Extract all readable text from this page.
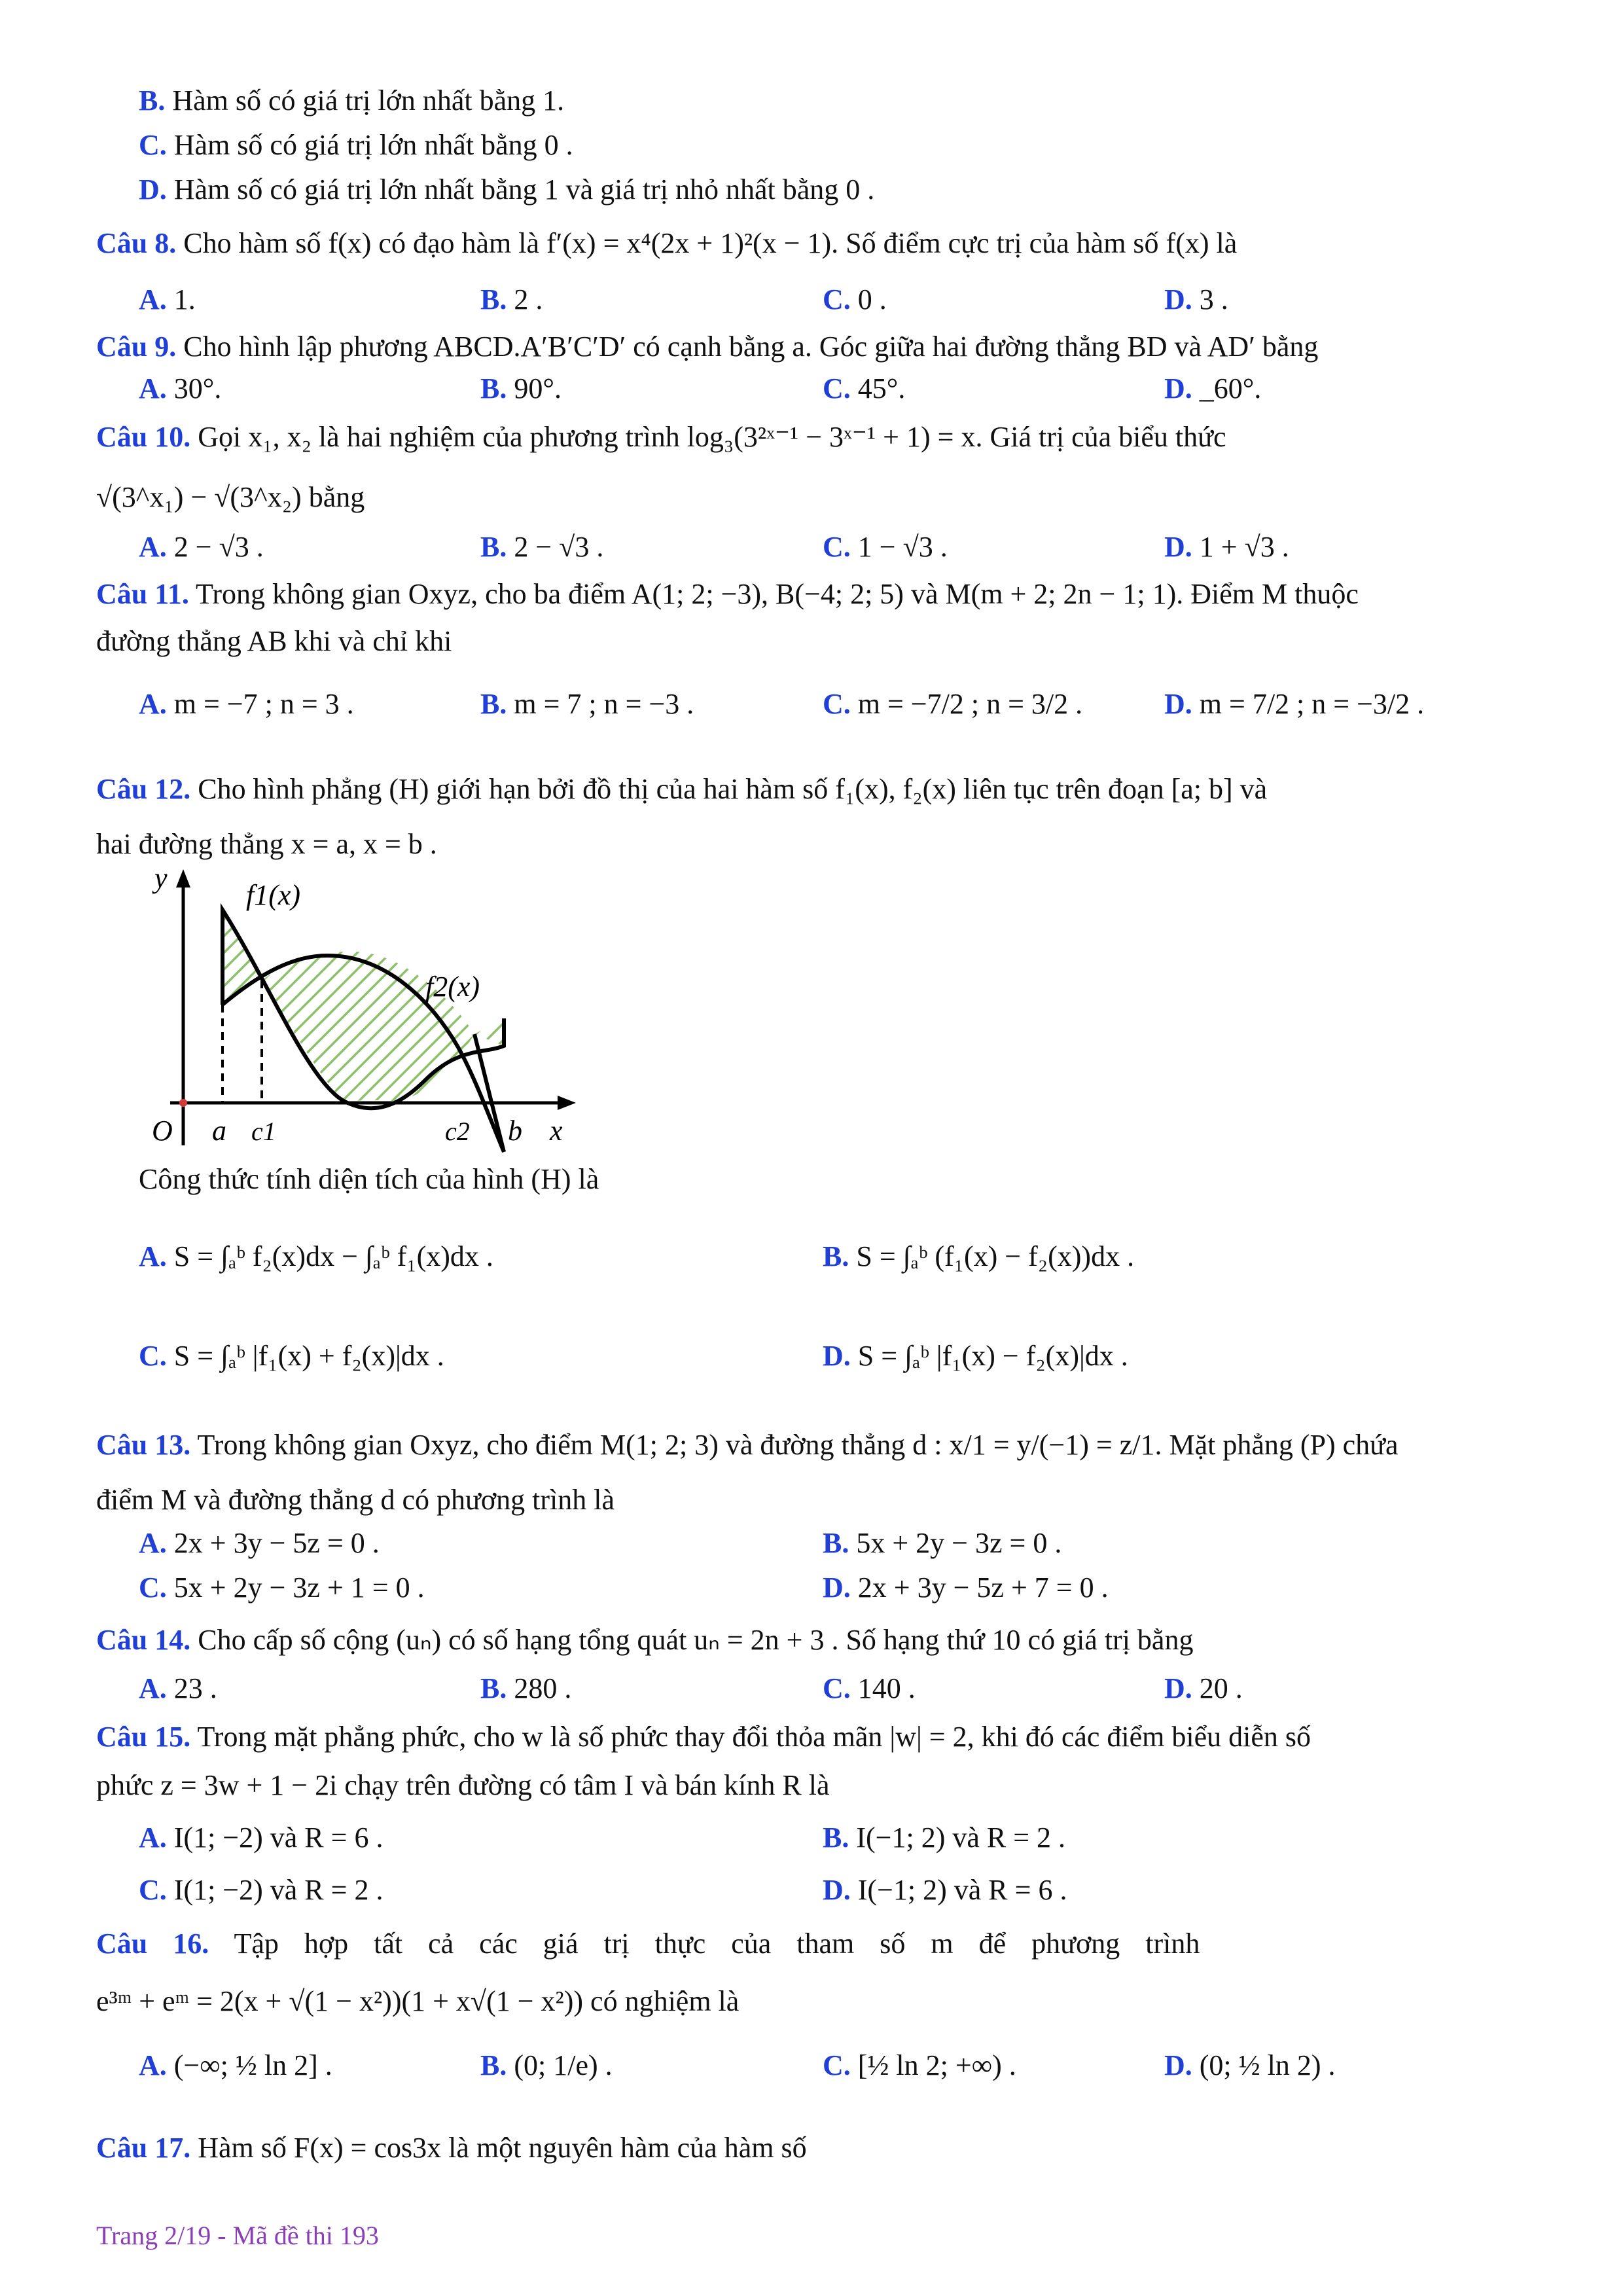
B. Hàm số có giá trị lớn nhất bằng 1.
C. Hàm số có giá trị lớn nhất bằng 0 .
D. Hàm số có giá trị lớn nhất bằng 1 và giá trị nhỏ nhất bằng 0 .
Câu 8. Cho hàm số f(x) có đạo hàm là f′(x) = x⁴(2x + 1)²(x − 1). Số điểm cực trị của hàm số f(x) là
A. 1.	B. 2 .	C. 0 .	D. 3 .
Câu 9. Cho hình lập phương ABCD.A′B′C′D′ có cạnh bằng a. Góc giữa hai đường thẳng BD và AD′ bằng
A. 30°.	B. 90°.	C. 45°.	D. _60°.
Câu 10. Gọi x₁, x₂ là hai nghiệm của phương trình log₃(3²ˣ⁻¹ − 3ˣ⁻¹ + 1) = x. Giá trị của biểu thức
√(3^x₁) − √(3^x₂) bằng
A. 2 − √3 .	B. 2 − √3 .	C. 1 − √3 .	D. 1 + √3 .
Câu 11. Trong không gian Oxyz, cho ba điểm A(1; 2; −3), B(−4; 2; 5) và M(m + 2; 2n − 1; 1). Điểm M thuộc
đường thẳng AB khi và chỉ khi
A. m = −7 ; n = 3 .	B. m = 7 ; n = −3 .	C. m = −7/2 ; n = 3/2 .	D. m = 7/2 ; n = −3/2 .
Câu 12. Cho hình phẳng (H) giới hạn bởi đồ thị của hai hàm số f₁(x), f₂(x) liên tục trên đoạn [a; b] và
hai đường thẳng x = a, x = b .
y
x
O a c1	c2 b
f1(x)
f2(x)
Công thức tính diện tích của hình (H) là
A. S = ∫ₐᵇ f₂(x)dx − ∫ₐᵇ f₁(x)dx .	B. S = ∫ₐᵇ (f₁(x) − f₂(x))dx .
C. S = ∫ₐᵇ |f₁(x) + f₂(x)|dx .	D. S = ∫ₐᵇ |f₁(x) − f₂(x)|dx .
Câu 13. Trong không gian Oxyz, cho điểm M(1; 2; 3) và đường thẳng d : x/1 = y/(−1) = z/1. Mặt phẳng (P) chứa
điểm M và đường thẳng d có phương trình là
A. 2x + 3y − 5z = 0 .	B. 5x + 2y − 3z = 0 .
C. 5x + 2y − 3z + 1 = 0 .	D. 2x + 3y − 5z + 7 = 0 .
Câu 14. Cho cấp số cộng (uₙ) có số hạng tổng quát uₙ = 2n + 3 . Số hạng thứ 10 có giá trị bằng
A. 23 .	B. 280 .	C. 140 .	D. 20 .
Câu 15. Trong mặt phẳng phức, cho w là số phức thay đổi thỏa mãn |w| = 2, khi đó các điểm biểu diễn số
phức z = 3w + 1 − 2i chạy trên đường có tâm I và bán kính R là
A. I(1; −2) và R = 6 .	B. I(−1; 2) và R = 2 .
C. I(1; −2) và R = 2 .	D. I(−1; 2) và R = 6 .
Câu 16. Tập hợp tất cả các giá trị thực của tham số m để phương trình
e³ᵐ + eᵐ = 2(x + √(1 − x²))(1 + x√(1 − x²)) có nghiệm là
A. (−∞; ½ ln 2] .	B. (0; 1/e) .	C. [½ ln 2; +∞) .	D. (0; ½ ln 2) .
Câu 17. Hàm số F(x) = cos3x là một nguyên hàm của hàm số
Trang 2/19 - Mã đề thi 193
